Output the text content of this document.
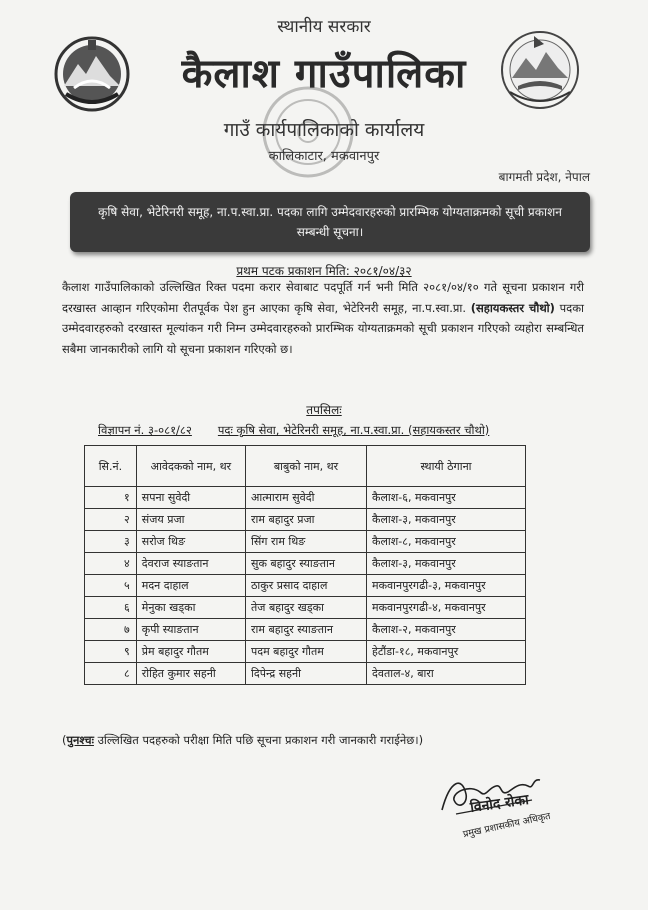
स्थानीय सरकार
कैलाश गाउँपालिका
गाउँ कार्यपालिकाको कार्यालय
कालिकाटार, मकवानपुर
बागमती प्रदेश, नेपाल
कृषि सेवा, भेटेरिनरी समूह, ना.प.स्वा.प्रा. पदका लागि उम्मेदवारहरुको प्रारम्भिक योग्यताक्रमको सूची प्रकाशन सम्बन्धी सूचना।
प्रथम पटक प्रकाशन मिति: २०८१/०४/३२
कैलाश गाउँपालिकाको उल्लिखित रिक्त पदमा करार सेवाबाट पदपूर्ति गर्न भनी मिति २०८१/०४/१० गते सूचना प्रकाशन गरी दरखास्त आव्हान गरिएकोमा रीतपूर्वक पेश हुन आएका कृषि सेवा, भेटेरिनरी समूह, ना.प.स्वा.प्रा. (सहायकस्तर चौथो) पदका उम्मेदवारहरुको दरखास्त मूल्यांकन गरी निम्न उम्मेदवारहरुको प्रारम्भिक योग्यताक्रमको सूची प्रकाशन गरिएको व्यहोरा सम्बन्धित सबैमा जानकारीको लागि यो सूचना प्रकाशन गरिएको छ।
तपसिलः
विज्ञापन नं. ३-०८१/८२ पदः कृषि सेवा, भेटेरिनरी समूह, ना.प.स्वा.प्रा. (सहायकस्तर चौथो)
सि.नं.	आवेदकको नाम, थर	बाबुको नाम, थर	स्थायी ठेगाना
१	सपना सुवेदी	आत्माराम सुवेदी	कैलाश-६, मकवानपुर
२	संजय प्रजा	राम बहादुर प्रजा	कैलाश-३, मकवानपुर
३	सरोज थिङ	सिंग राम थिङ	कैलाश-८, मकवानपुर
४	देवराज स्याङतान	सुक बहादुर स्याङतान	कैलाश-३, मकवानपुर
५	मदन दाहाल	ठाकुर प्रसाद दाहाल	मकवानपुरगढी-३, मकवानपुर
६	मेनुका खड्का	तेज बहादुर खड्का	मकवानपुरगढी-४, मकवानपुर
७	कृपी स्याङतान	राम बहादुर स्याङतान	कैलाश-२, मकवानपुर
९	प्रेम बहादुर गौतम	पदम बहादुर गौतम	हेटौंडा-१८, मकवानपुर
८	रोहित कुमार सहनी	दिपेन्द्र सहनी	देवताल-४, बारा
(पुनश्चः उल्लिखित पदहरुको परीक्षा मिति पछि सूचना प्रकाशन गरी जानकारी गराईनेछ।)
विनोद रोका
प्रमुख प्रशासकीय अधिकृत
